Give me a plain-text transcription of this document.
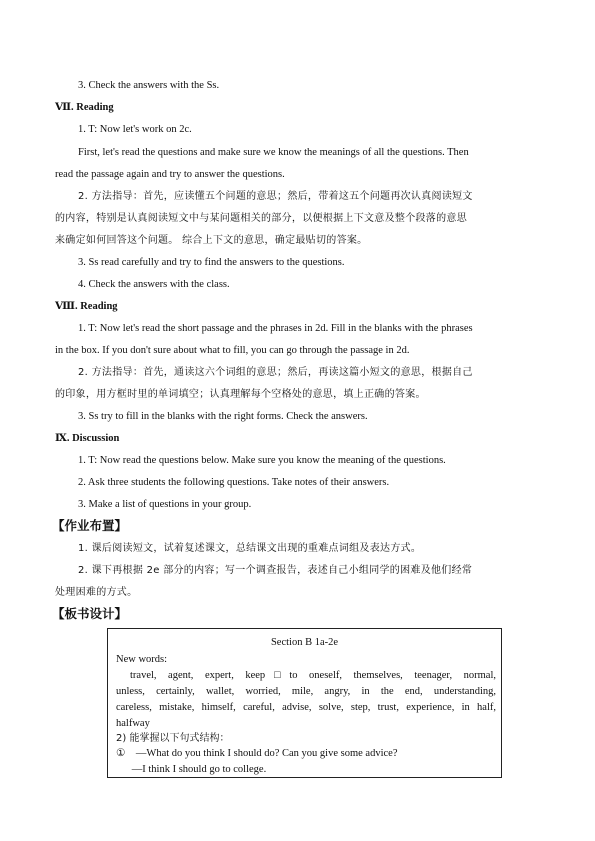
3. Check the answers with the Ss.
Ⅶ. Reading
1. T: Now let's work on 2c.
First, let's read the questions and make sure we know the meanings of all the questions. Then
read the passage again and try to answer the questions.
2. 方法指导：首先，应读懂五个问题的意思；然后，带着这五个问题再次认真阅读短文
的内容，特别是认真阅读短文中与某问题相关的部分，以便根据上下文意及整个段落的意思
来确定如何回答这个问题。 综合上下文的意思，确定最贴切的答案。
3. Ss read carefully and try to find the answers to the questions.
4. Check the answers with the class.
Ⅷ. Reading
1. T: Now let's read the short passage and the phrases in 2d. Fill in the blanks with the phrases
in the box. If you don't sure about what to fill, you can go through the passage in 2d.
2. 方法指导：首先，通读这六个词组的意思；然后，再读这篇小短文的意思，根据自己
的印象，用方框时里的单词填空；认真理解每个空格处的意思，填上正确的答案。
3. Ss try to fill in the blanks with the right forms. Check the answers.
Ⅸ. Discussion
1. T: Now read the questions below. Make sure you know the meaning of the questions.
2. Ask three students the following questions. Take notes of their answers.
3. Make a list of questions in your group.
【作业布置】
1. 课后阅读短文，试着复述课文，总结课文出现的重难点词组及表达方式。
2. 课下再根据 2e 部分的内容；写一个调查报告，表述自己小组同学的困难及他们经常
处理困难的方式。
【板书设计】
Section B 1a-2e
New words:
travel, agent, expert, keep□to oneself, themselves, teenager, normal,
unless, certainly, wallet, worried, mile, angry, in the end, understanding,
careless, mistake, himself, careful, advise, solve, step, trust, experience, in half,
halfway
2) 能掌握以下句式结构：
①    —What do you think I should do? Can you give some advice?
—I think I should go to college.
